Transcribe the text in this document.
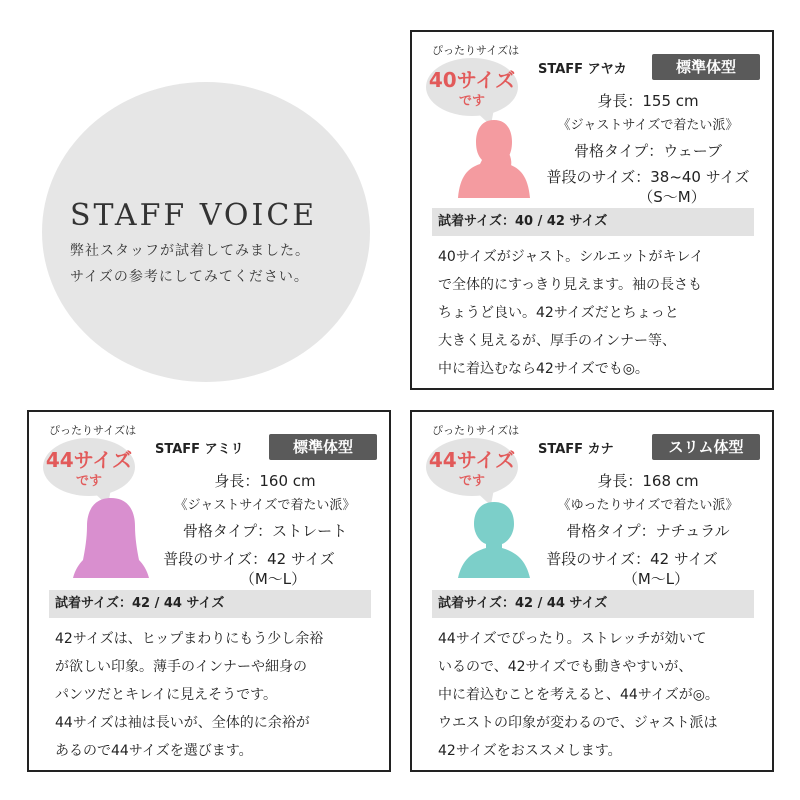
STAFF VOICE
弊社スタッフが試着してみました。
サイズの参考にしてみてください。
ぴったりサイズは
40サイズ
です
STAFF アヤカ	標準体型
身長：155 cm
《ジャストサイズで着たい派》
骨格タイプ：ウェーブ
普段のサイズ：38~40 サイズ
（S～M）
試着サイズ：40 / 42 サイズ
40サイズがジャスト。シルエットがキレイ
で全体的にすっきり見えます。袖の長さも
ちょうど良い。42サイズだとちょっと
大きく見えるが、厚手のインナー等、
中に着込むなら42サイズでも◎。
ぴったりサイズは
44サイズ
です
STAFF アミリ	標準体型
身長：160 cm
《ジャストサイズで着たい派》
骨格タイプ：ストレート
普段のサイズ：42 サイズ
（M～L）
試着サイズ：42 / 44 サイズ
42サイズは、ヒップまわりにもう少し余裕
が欲しい印象。薄手のインナーや細身の
パンツだとキレイに見えそうです。
44サイズは袖は長いが、全体的に余裕が
あるので44サイズを選びます。
ぴったりサイズは
44サイズ
です
STAFF カナ	スリム体型
身長：168 cm
《ゆったりサイズで着たい派》
骨格タイプ：ナチュラル
普段のサイズ：42 サイズ
（M～L）
試着サイズ：42 / 44 サイズ
44サイズでぴったり。ストレッチが効いて
いるので、42サイズでも動きやすいが、
中に着込むことを考えると、44サイズが◎。
ウエストの印象が変わるので、ジャスト派は
42サイズをおススメします。
